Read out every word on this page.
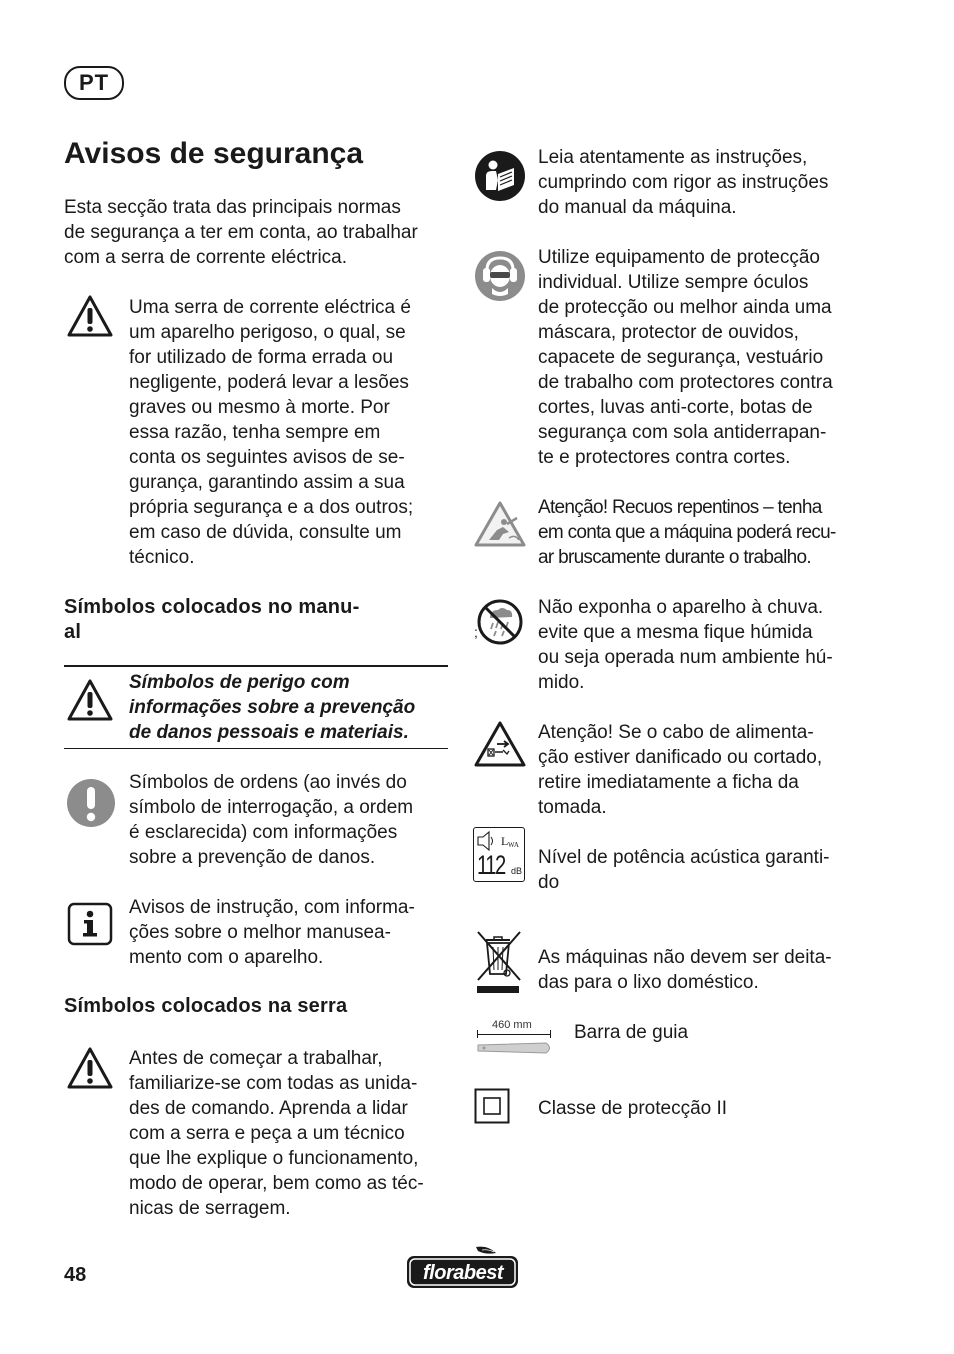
PT
Avisos de segurança

Esta secção trata das principais normas

de segurança a ter em conta, ao trabalhar

com a serra de corrente eléctrica.

Uma serra de corrente eléctrica é

um aparelho perigoso, o qual, se

for utilizado de forma errada ou

negligente, poderá levar a lesões

graves ou mesmo à morte. Por

essa razão, tenha sempre em

conta os seguintes avisos de se-

gurança, garantindo assim a sua

própria segurança e a dos outros;

em caso de dúvida, consulte um

técnico.

Símbolos colocados no manu-

al

Símbolos de perigo com

informações sobre a prevenção

de danos pessoais e materiais.

Símbolos de ordens (ao invés do

símbolo de interrogação, a ordem

é esclarecida) com informações

sobre a prevenção de danos.

Avisos de instrução, com informa-

ções sobre o melhor manusea-

mento com o aparelho.

Símbolos colocados na serra

Antes de começar a trabalhar,

familiarize-se com todas as unida-

des de comando. Aprenda a lidar

com a serra e peça a um técnico

que lhe explique o funcionamento,

modo de operar, bem como as téc-

nicas de serragem.

Leia atentamente as instruções,

cumprindo com rigor as instruções

do manual da máquina.

Utilize equipamento de protecção

individual. Utilize sempre óculos

de protecção ou melhor ainda uma

máscara, protector de ouvidos,

capacete de segurança, vestuário

de trabalho com protectores contra

cortes, luvas anti-corte, botas de

segurança com sola antiderrapan-

te e protectores contra cortes.

Atenção! Recuos repentinos – tenha

em conta que a máquina poderá recu-

ar bruscamente durante o trabalho.

;

Não exponha o aparelho à chuva.

evite que a mesma fique húmida

ou seja operada num ambiente hú-

mido.

Atenção! Se o cabo de alimenta-

ção estiver danificado ou cortado,

retire imediatamente a ficha da

tomada.

L WA
112 dB

Nível de potência acústica garanti-

do

As máquinas não devem ser deita-

das para o lixo doméstico.

460 mm Barra de guia

Classe de protecção II

48	florabest
